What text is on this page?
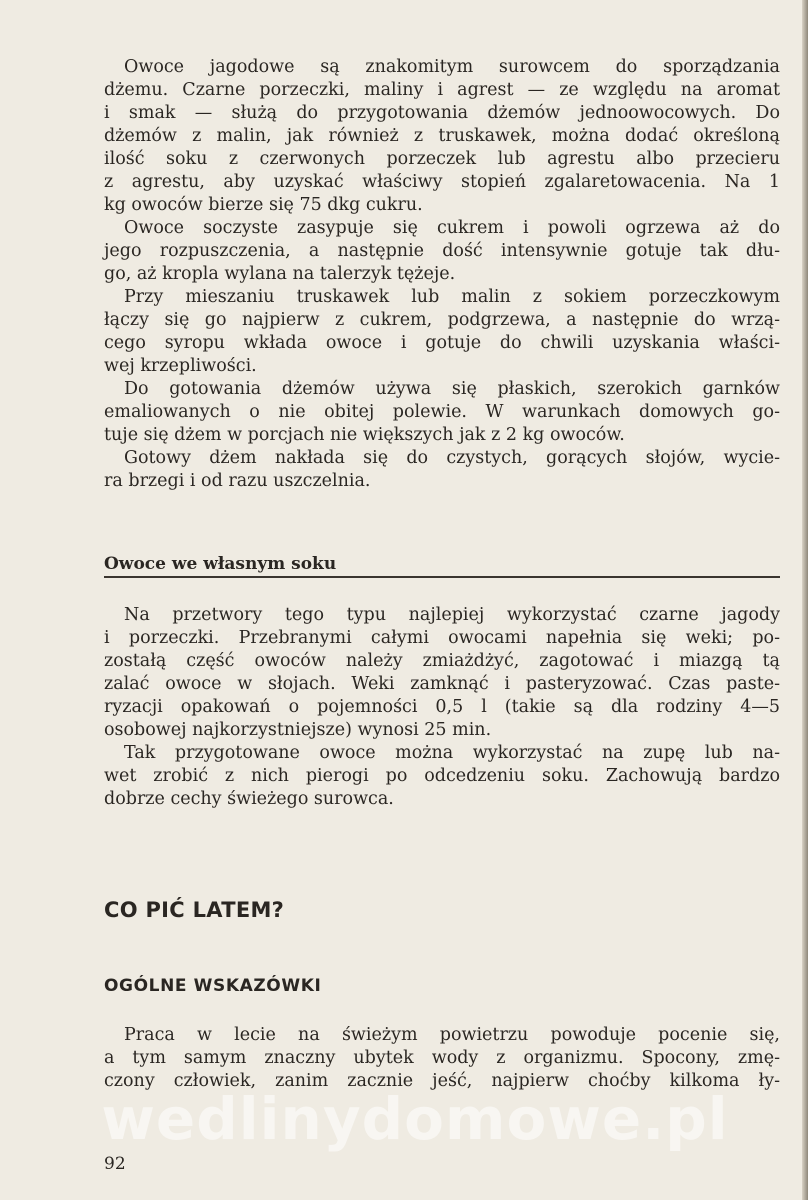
Owoce jagodowe są znakomitym surowcem do sporządzania
dżemu. Czarne porzeczki, maliny i agrest — ze względu na aromat
i smak — służą do przygotowania dżemów jednoowocowych. Do
dżemów z malin, jak również z truskawek, można dodać określoną
ilość soku z czerwonych porzeczek lub agrestu albo przecieru
z agrestu, aby uzyskać właściwy stopień zgalaretowacenia. Na 1
kg owoców bierze się 75 dkg cukru.
Owoce soczyste zasypuje się cukrem i powoli ogrzewa aż do
jego rozpuszczenia, a następnie dość intensywnie gotuje tak dłu-
go, aż kropla wylana na talerzyk tężeje.
Przy mieszaniu truskawek lub malin z sokiem porzeczkowym
łączy się go najpierw z cukrem, podgrzewa, a następnie do wrzą-
cego syropu wkłada owoce i gotuje do chwili uzyskania właści-
wej krzepliwości.
Do gotowania dżemów używa się płaskich, szerokich garnków
emaliowanych o nie obitej polewie. W warunkach domowych go-
tuje się dżem w porcjach nie większych jak z 2 kg owoców.
Gotowy dżem nakłada się do czystych, gorących słojów, wycie-
ra brzegi i od razu uszczelnia.
Owoce we własnym soku
Na przetwory tego typu najlepiej wykorzystać czarne jagody
i porzeczki. Przebranymi całymi owocami napełnia się weki; po-
zostałą część owoców należy zmiażdżyć, zagotować i miazgą tą
zalać owoce w słojach. Weki zamknąć i pasteryzować. Czas paste-
ryzacji opakowań o pojemności 0,5 l (takie są dla rodziny 4—5
osobowej najkorzystniejsze) wynosi 25 min.
Tak przygotowane owoce można wykorzystać na zupę lub na-
wet zrobić z nich pierogi po odcedzeniu soku. Zachowują bardzo
dobrze cechy świeżego surowca.
CO PIĆ LATEM?
OGÓLNE WSKAZÓWKI
Praca w lecie na świeżym powietrzu powoduje pocenie się,
a tym samym znaczny ubytek wody z organizmu. Spocony, zmę-
czony człowiek, zanim zacznie jeść, najpierw choćby kilkoma ły-
wedlinydomowe.pl

92
